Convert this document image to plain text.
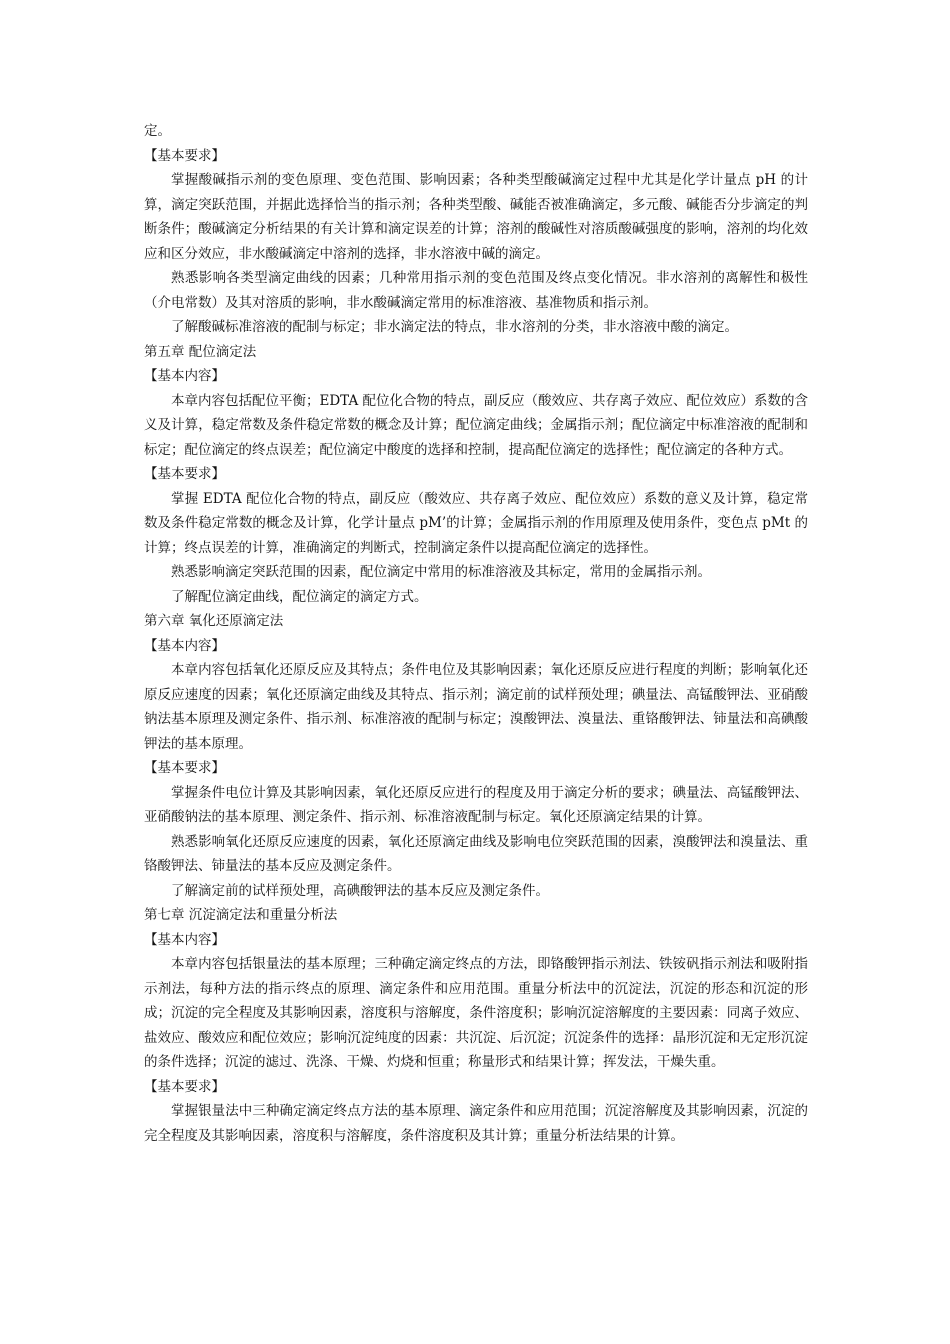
定。

【基本要求】

掌握酸碱指示剂的变色原理、变色范围、影响因素；各种类型酸碱滴定过程中尤其是化学计量点 pH 的计算，滴定突跃范围，并据此选择恰当的指示剂；各种类型酸、碱能否被准确滴定，多元酸、碱能否分步滴定的判断条件；酸碱滴定分析结果的有关计算和滴定误差的计算；溶剂的酸碱性对溶质酸碱强度的影响，溶剂的均化效应和区分效应，非水酸碱滴定中溶剂的选择，非水溶液中碱的滴定。

熟悉影响各类型滴定曲线的因素；几种常用指示剂的变色范围及终点变化情况。非水溶剂的离解性和极性（介电常数）及其对溶质的影响，非水酸碱滴定常用的标准溶液、基准物质和指示剂。

了解酸碱标准溶液的配制与标定；非水滴定法的特点，非水溶剂的分类，非水溶液中酸的滴定。

第五章 配位滴定法

【基本内容】

本章内容包括配位平衡；EDTA 配位化合物的特点，副反应（酸效应、共存离子效应、配位效应）系数的含义及计算，稳定常数及条件稳定常数的概念及计算；配位滴定曲线；金属指示剂；配位滴定中标准溶液的配制和标定；配位滴定的终点误差；配位滴定中酸度的选择和控制，提高配位滴定的选择性；配位滴定的各种方式。

【基本要求】

掌握 EDTA 配位化合物的特点，副反应（酸效应、共存离子效应、配位效应）系数的意义及计算，稳定常数及条件稳定常数的概念及计算，化学计量点 pM’的计算；金属指示剂的作用原理及使用条件，变色点 pMt 的计算；终点误差的计算，准确滴定的判断式，控制滴定条件以提高配位滴定的选择性。

熟悉影响滴定突跃范围的因素，配位滴定中常用的标准溶液及其标定，常用的金属指示剂。

了解配位滴定曲线，配位滴定的滴定方式。

第六章 氧化还原滴定法

【基本内容】

本章内容包括氧化还原反应及其特点；条件电位及其影响因素；氧化还原反应进行程度的判断；影响氧化还原反应速度的因素；氧化还原滴定曲线及其特点、指示剂；滴定前的试样预处理；碘量法、高锰酸钾法、亚硝酸钠法基本原理及测定条件、指示剂、标准溶液的配制与标定；溴酸钾法、溴量法、重铬酸钾法、铈量法和高碘酸钾法的基本原理。

【基本要求】

掌握条件电位计算及其影响因素，氧化还原反应进行的程度及用于滴定分析的要求；碘量法、高锰酸钾法、亚硝酸钠法的基本原理、测定条件、指示剂、标准溶液配制与标定。氧化还原滴定结果的计算。

熟悉影响氧化还原反应速度的因素，氧化还原滴定曲线及影响电位突跃范围的因素，溴酸钾法和溴量法、重铬酸钾法、铈量法的基本反应及测定条件。

了解滴定前的试样预处理，高碘酸钾法的基本反应及测定条件。

第七章 沉淀滴定法和重量分析法

【基本内容】

本章内容包括银量法的基本原理；三种确定滴定终点的方法，即铬酸钾指示剂法、铁铵矾指示剂法和吸附指示剂法，每种方法的指示终点的原理、滴定条件和应用范围。重量分析法中的沉淀法，沉淀的形态和沉淀的形成；沉淀的完全程度及其影响因素，溶度积与溶解度，条件溶度积；影响沉淀溶解度的主要因素：同离子效应、盐效应、酸效应和配位效应；影响沉淀纯度的因素：共沉淀、后沉淀；沉淀条件的选择：晶形沉淀和无定形沉淀的条件选择；沉淀的滤过、洗涤、干燥、灼烧和恒重；称量形式和结果计算；挥发法，干燥失重。

【基本要求】

掌握银量法中三种确定滴定终点方法的基本原理、滴定条件和应用范围；沉淀溶解度及其影响因素，沉淀的完全程度及其影响因素，溶度积与溶解度，条件溶度积及其计算；重量分析法结果的计算。
